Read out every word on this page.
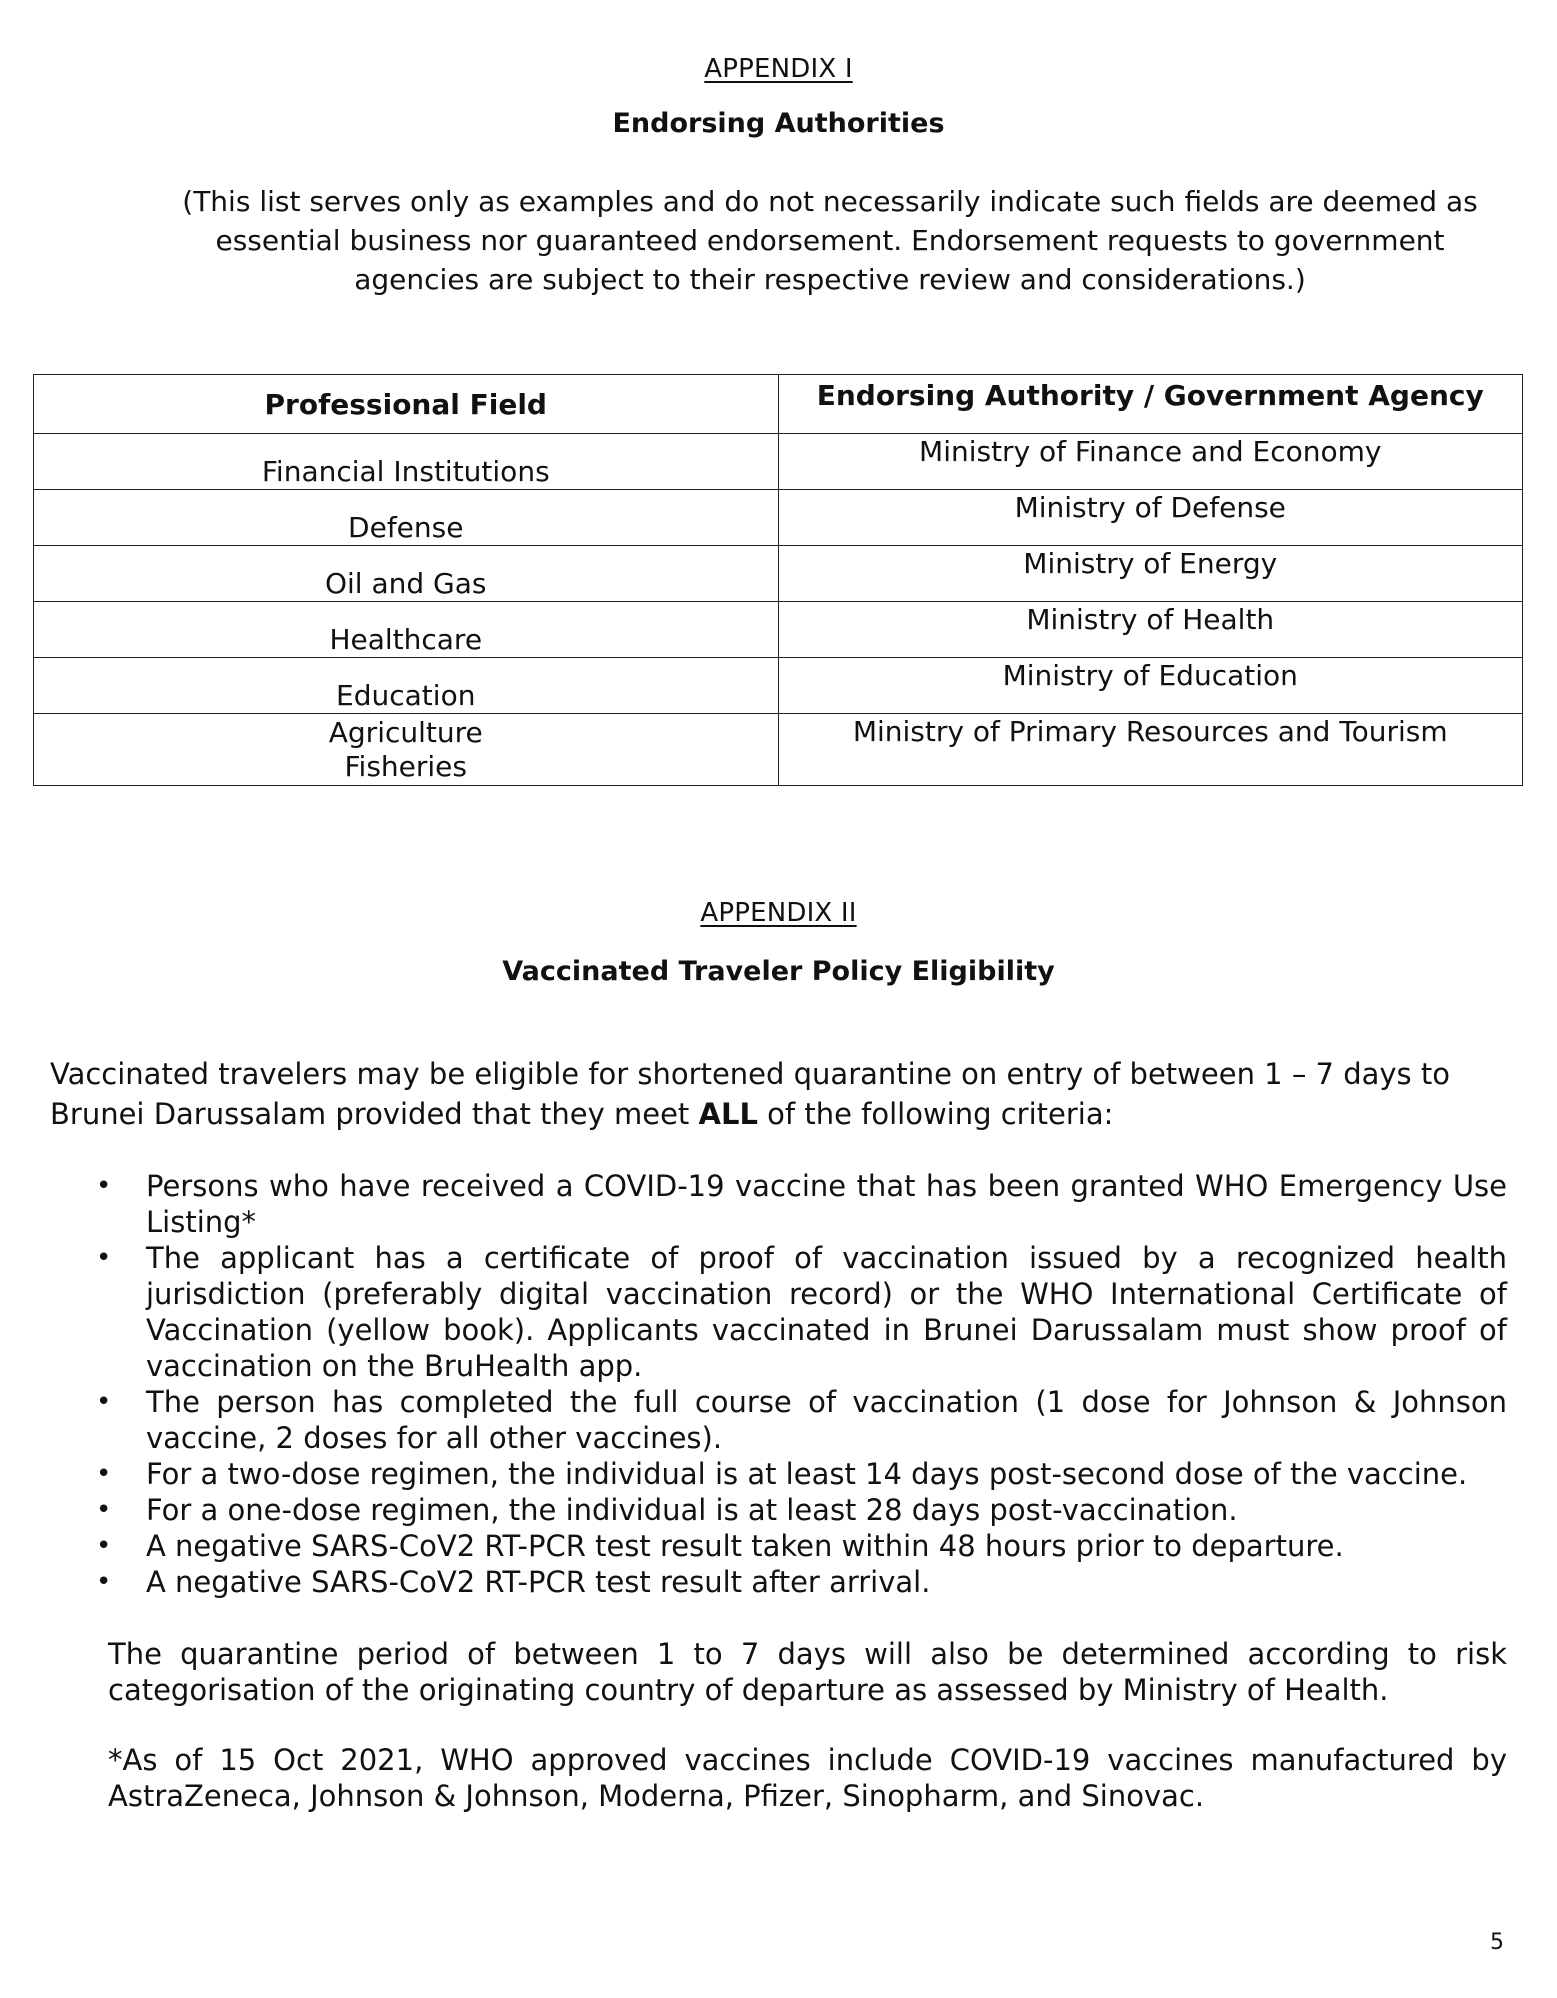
APPENDIX I
Endorsing Authorities
(This list serves only as examples and do not necessarily indicate such fields are deemed as essential business nor guaranteed endorsement. Endorsement requests to government agencies are subject to their respective review and considerations.)
Professional Field	Endorsing Authority / Government Agency
Financial Institutions	Ministry of Finance and Economy
Defense	Ministry of Defense
Oil and Gas	Ministry of Energy
Healthcare	Ministry of Health
Education	Ministry of Education

Agriculture
Fisheries	Ministry of Primary Resources and Tourism
APPENDIX II
Vaccinated Traveler Policy Eligibility
Vaccinated travelers may be eligible for shortened quarantine on entry of between 1 – 7 days to Brunei Darussalam provided that they meet ALL of the following criteria:
• Persons who have received a COVID-19 vaccine that has been granted WHO Emergency Use Listing*
• The applicant has a certificate of proof of vaccination issued by a recognized health jurisdiction (preferably digital vaccination record) or the WHO International Certificate of Vaccination (yellow book). Applicants vaccinated in Brunei Darussalam must show proof of vaccination on the BruHealth app.
• The person has completed the full course of vaccination (1 dose for Johnson & Johnson vaccine, 2 doses for all other vaccines).
• For a two-dose regimen, the individual is at least 14 days post-second dose of the vaccine.
• For a one-dose regimen, the individual is at least 28 days post-vaccination.
• A negative SARS-CoV2 RT-PCR test result taken within 48 hours prior to departure.
• A negative SARS-CoV2 RT-PCR test result after arrival.
The quarantine period of between 1 to 7 days will also be determined according to risk categorisation of the originating country of departure as assessed by Ministry of Health.
*As of 15 Oct 2021, WHO approved vaccines include COVID-19 vaccines manufactured by AstraZeneca, Johnson & Johnson, Moderna, Pfizer, Sinopharm, and Sinovac.
5
